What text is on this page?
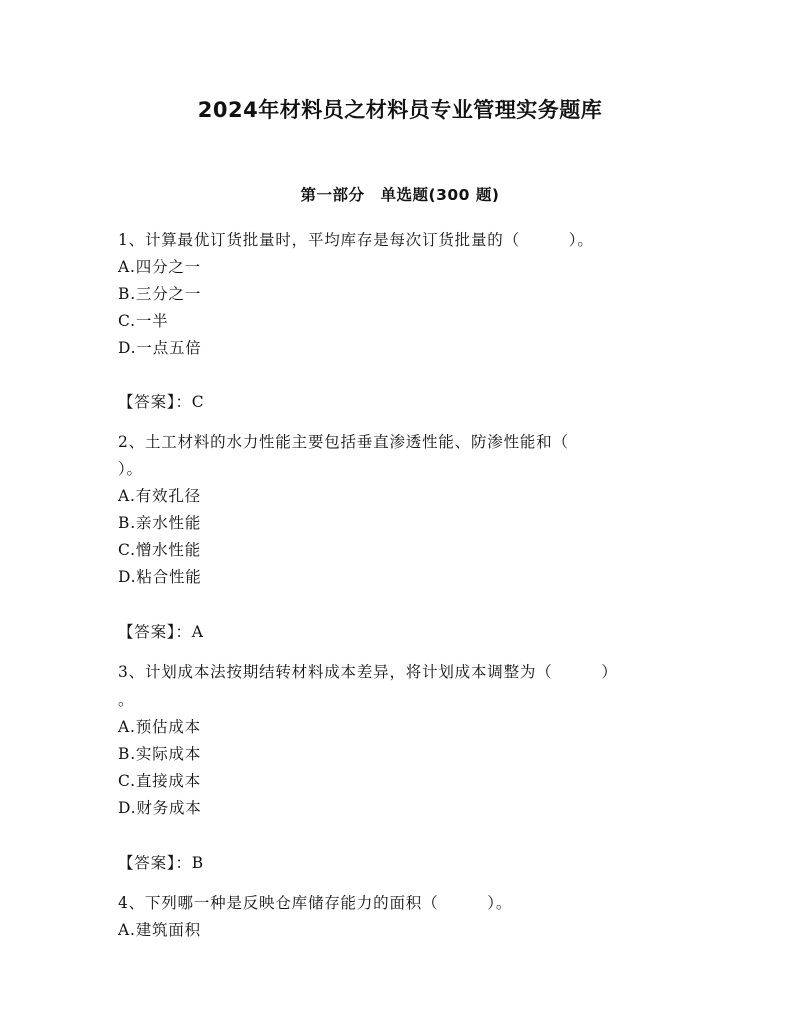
2024年材料员之材料员专业管理实务题库
第一部分　单选题(300 题)
1、计算最优订货批量时，平均库存是每次订货批量的（　　　）。
A.四分之一
B.三分之一
C.一半
D.一点五倍
【答案】：C
2、土工材料的水力性能主要包括垂直渗透性能、防渗性能和（
）。
A.有效孔径
B.亲水性能
C.憎水性能
D.粘合性能
【答案】：A
3、计划成本法按期结转材料成本差异，将计划成本调整为（　　　）
。
A.预估成本
B.实际成本
C.直接成本
D.财务成本
【答案】：B
4、下列哪一种是反映仓库储存能力的面积（　　　）。
A.建筑面积
